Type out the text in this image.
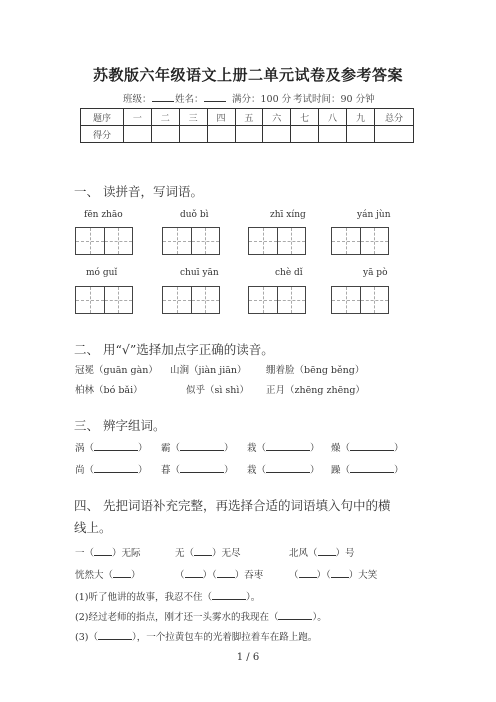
苏教版六年级语文上册二单元试卷及参考答案
班级：	姓名：	满分：100 分 考试时间：90 分钟
题序	一	二	三	四	五	六	七	八	九	总分
得分										
一、 读拼音，写词语。
fēn zhāo	duǒ bì	zhī xíng	yán jùn
mó guǐ	chuī yān	chè dǐ	yā pò
二、 用“√”选择加点字正确的读音。
冠冕（guān gàn） 山涧（jiàn jiān） 绷着脸（bēng běng）
柏林（bó bǎi）	似乎（sì shì） 正月（zhēng zhēng）
三、 辨字组词。
涡（	） 霸（	） 栽（	） 燥（	）
尚（	） 暮（	） 栽（	） 躁（	）
四、 先把词语补充完整，再选择合适的词语填入句中的横
线上。
一（ ）无际	无（ ）无尽	北风（ ）号
恍然大（ ）	（ ）（ ）吞枣	（ ）（ ）大笑
(1)听了他讲的故事，我忍不住（	）。
(2)经过老师的指点，刚才还一头雾水的我现在（	）。
(3)（	），一个拉黄包车的光着脚拉着车在路上跑。
1 / 6
